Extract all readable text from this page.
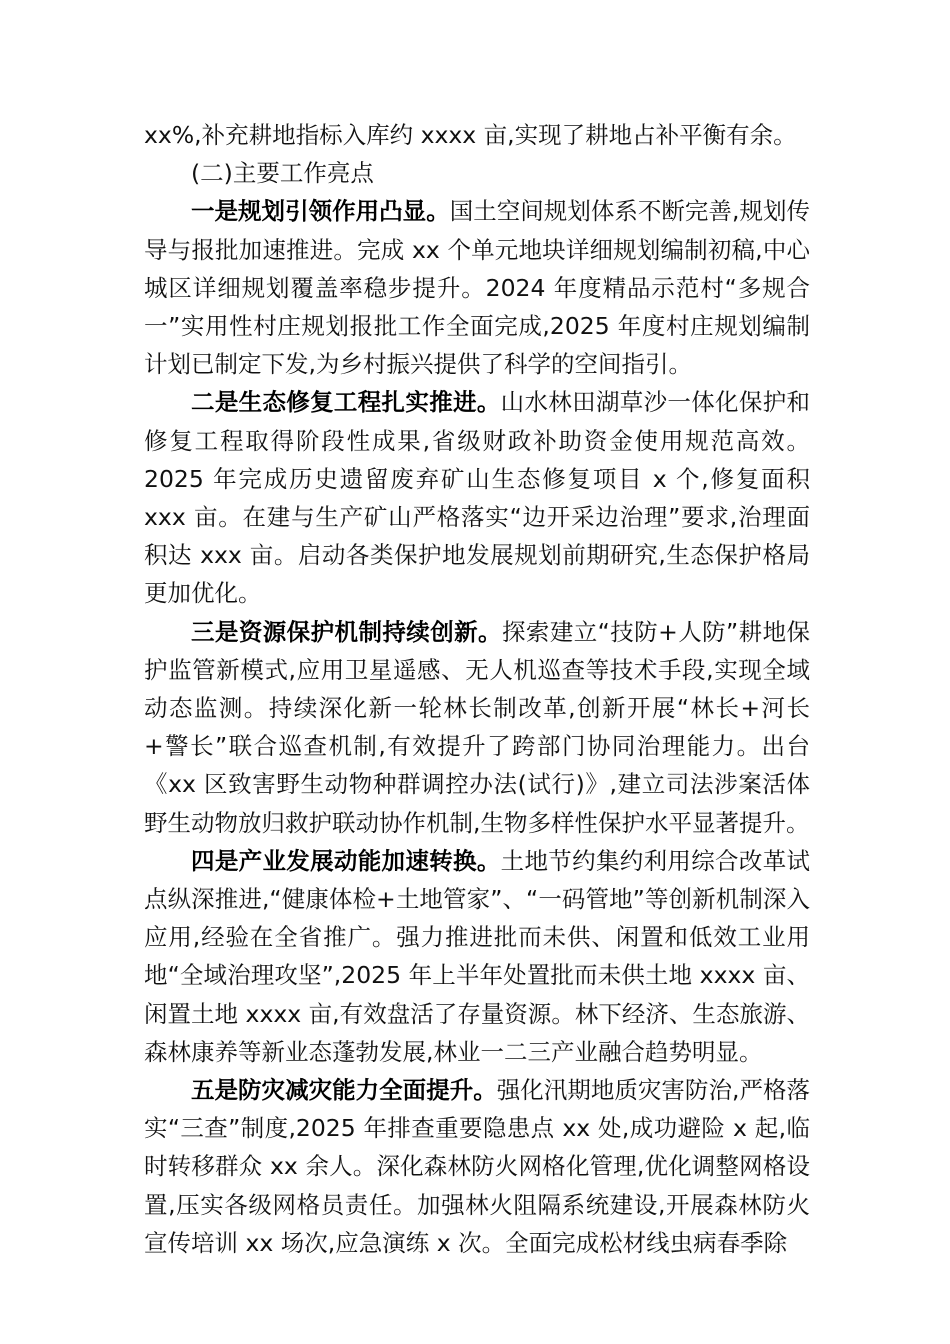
xx%,补充耕地指标入库约 xxxx 亩,实现了耕地占补平衡有余。

(二)主要工作亮点

一是规划引领作用凸显。国土空间规划体系不断完善,规划传导与报批加速推进。完成 xx 个单元地块详细规划编制初稿,中心城区详细规划覆盖率稳步提升。2024 年度精品示范村“多规合一”实用性村庄规划报批工作全面完成,2025 年度村庄规划编制计划已制定下发,为乡村振兴提供了科学的空间指引。

二是生态修复工程扎实推进。山水林田湖草沙一体化保护和修复工程取得阶段性成果,省级财政补助资金使用规范高效。2025 年完成历史遗留废弃矿山生态修复项目 x 个,修复面积 xxx 亩。在建与生产矿山严格落实“边开采边治理”要求,治理面积达 xxx 亩。启动各类保护地发展规划前期研究,生态保护格局更加优化。

三是资源保护机制持续创新。探索建立“技防+人防”耕地保护监管新模式,应用卫星遥感、无人机巡查等技术手段,实现全域动态监测。持续深化新一轮林长制改革,创新开展“林长+河长+警长”联合巡查机制,有效提升了跨部门协同治理能力。出台《xx 区致害野生动物种群调控办法(试行)》,建立司法涉案活体野生动物放归救护联动协作机制,生物多样性保护水平显著提升。

四是产业发展动能加速转换。土地节约集约利用综合改革试点纵深推进,“健康体检+土地管家”、“一码管地”等创新机制深入应用,经验在全省推广。强力推进批而未供、闲置和低效工业用地“全域治理攻坚”,2025 年上半年处置批而未供土地 xxxx 亩、闲置土地 xxxx 亩,有效盘活了存量资源。林下经济、生态旅游、森林康养等新业态蓬勃发展,林业一二三产业融合趋势明显。

五是防灾减灾能力全面提升。强化汛期地质灾害防治,严格落实“三查”制度,2025 年排查重要隐患点 xx 处,成功避险 x 起,临时转移群众 xx 余人。深化森林防火网格化管理,优化调整网格设置,压实各级网格员责任。加强林火阻隔系统建设,开展森林防火宣传培训 xx 场次,应急演练 x 次。全面完成松材线虫病春季除
